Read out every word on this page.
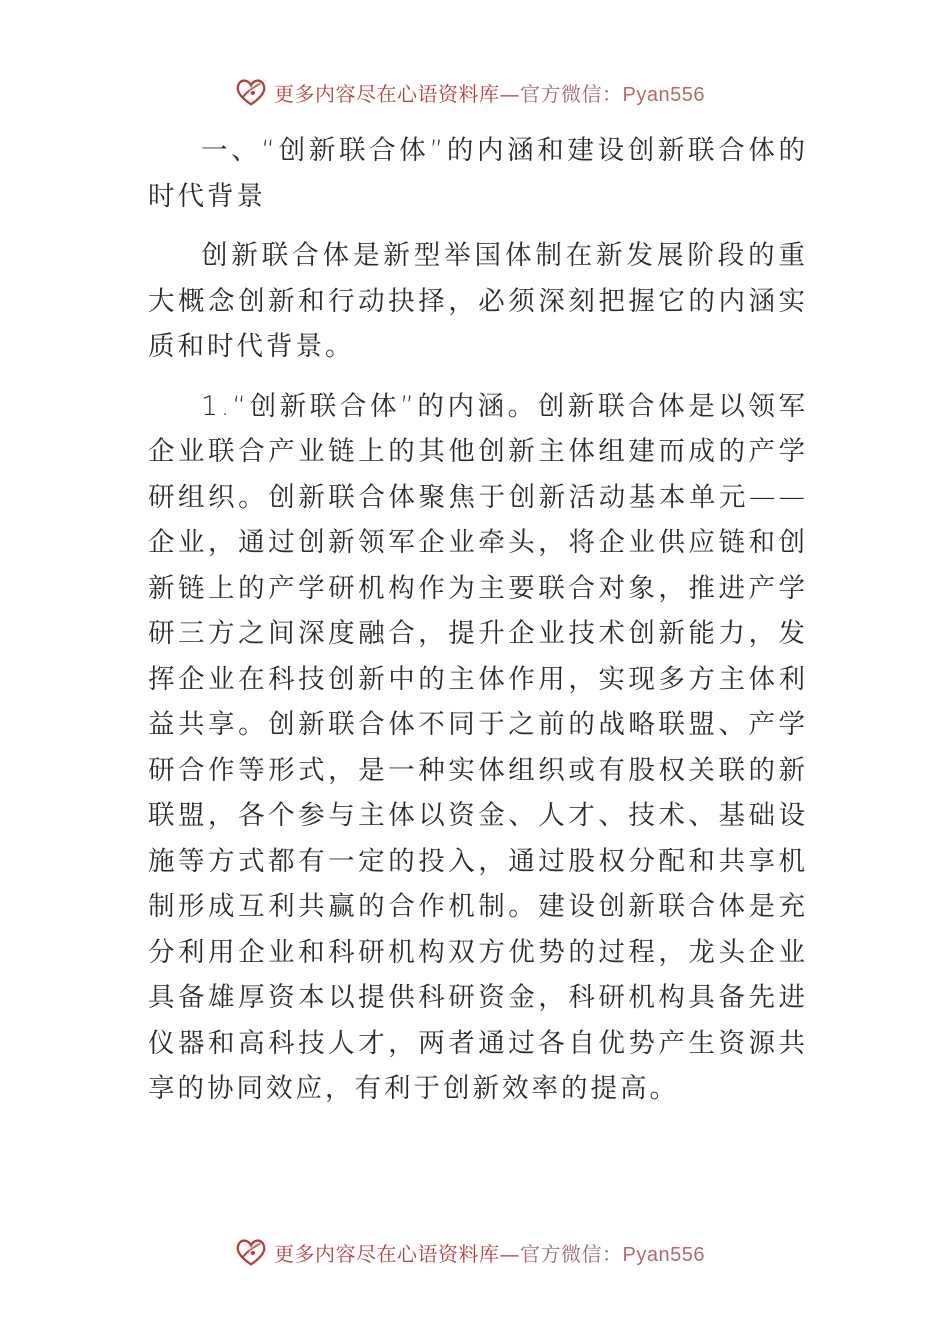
更多内容尽在心语资料库—官方微信：Pyan556

一、“创新联合体”的内涵和建设创新联合体的时代背景

创新联合体是新型举国体制在新发展阶段的重大概念创新和行动抉择，必须深刻把握它的内涵实质和时代背景。

1.“创新联合体”的内涵。创新联合体是以领军企业联合产业链上的其他创新主体组建而成的产学研组织。创新联合体聚焦于创新活动基本单元——企业，通过创新领军企业牵头，将企业供应链和创新链上的产学研机构作为主要联合对象，推进产学研三方之间深度融合，提升企业技术创新能力，发挥企业在科技创新中的主体作用，实现多方主体利益共享。创新联合体不同于之前的战略联盟、产学研合作等形式，是一种实体组织或有股权关联的新联盟，各个参与主体以资金、人才、技术、基础设施等方式都有一定的投入，通过股权分配和共享机制形成互利共赢的合作机制。建设创新联合体是充分利用企业和科研机构双方优势的过程，龙头企业具备雄厚资本以提供科研资金，科研机构具备先进仪器和高科技人才，两者通过各自优势产生资源共享的协同效应，有利于创新效率的提高。

更多内容尽在心语资料库—官方微信：Pyan556
